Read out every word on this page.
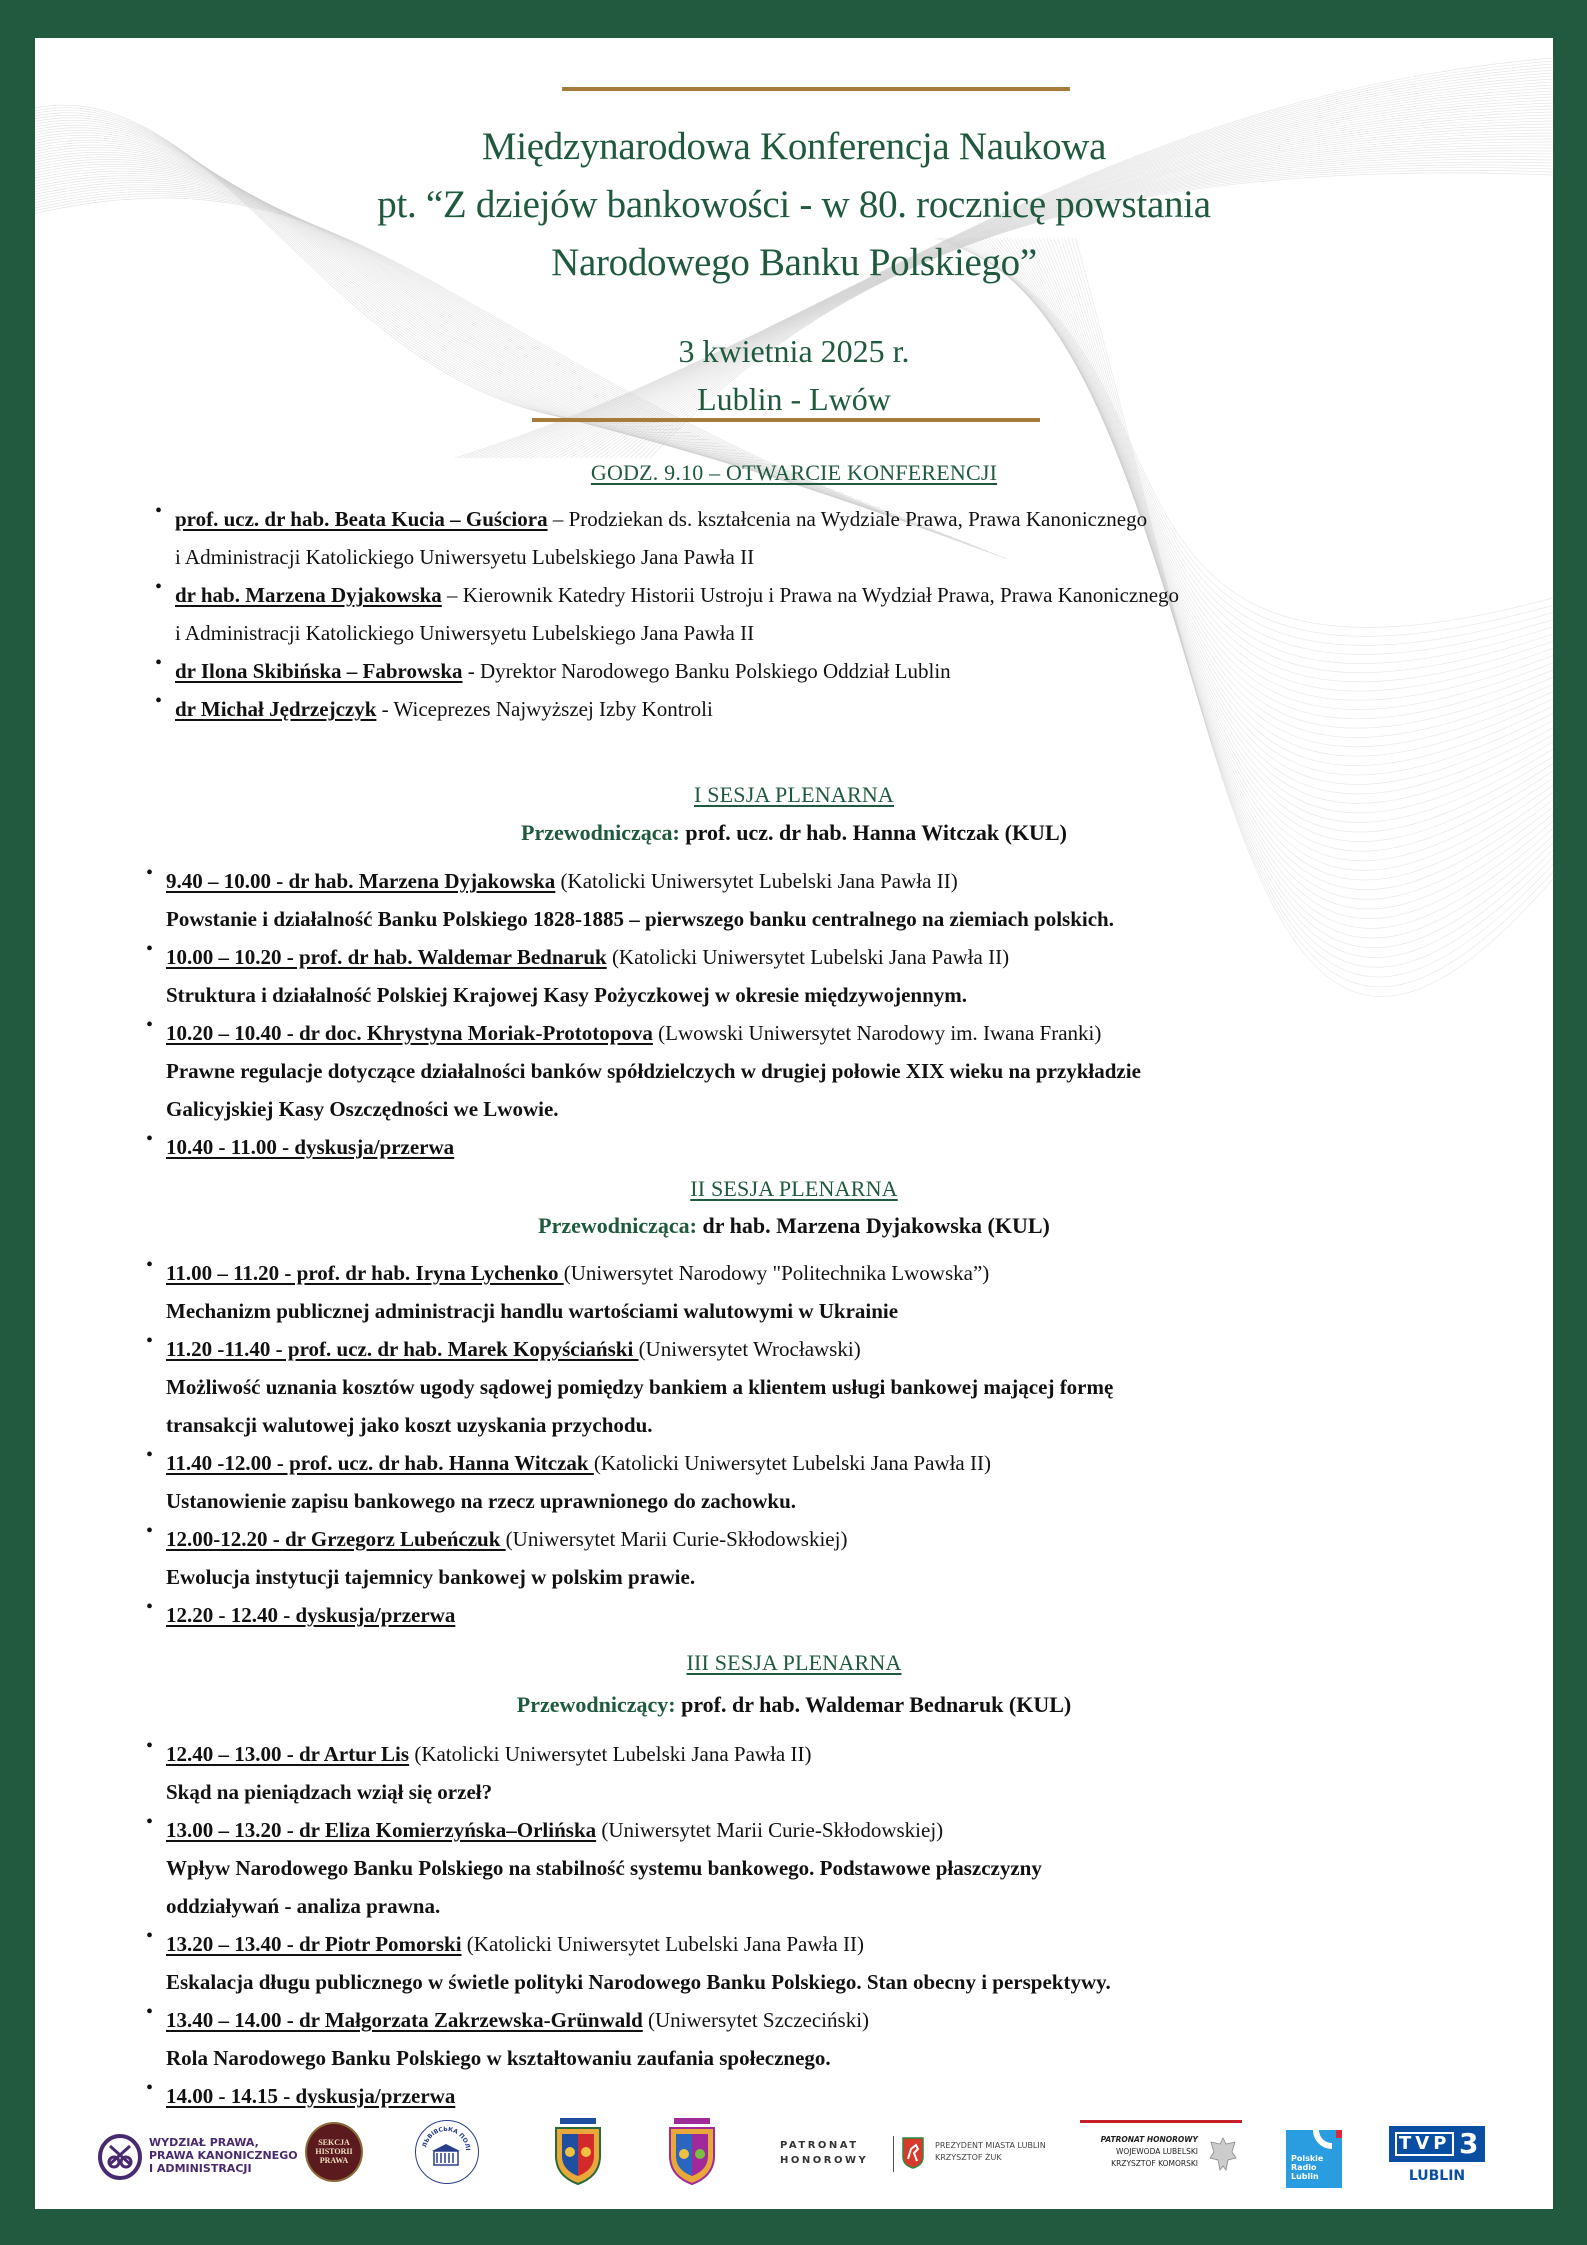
Międzynarodowa Konferencja Naukowa
pt. “Z dziejów bankowości - w 80. rocznicę powstania
Narodowego Banku Polskiego”
3 kwietnia 2025 r.
Lublin - Lwów
GODZ. 9.10 – OTWARCIE KONFERENCJI
• prof. ucz. dr hab. Beata Kucia – Guściora – Prodziekan ds. kształcenia na Wydziale Prawa, Prawa Kanonicznego
i Administracji Katolickiego Uniwersyetu Lubelskiego Jana Pawła II
• dr hab. Marzena Dyjakowska – Kierownik Katedry Historii Ustroju i Prawa na Wydział Prawa, Prawa Kanonicznego
i Administracji Katolickiego Uniwersyetu Lubelskiego Jana Pawła II
• dr Ilona Skibińska – Fabrowska - Dyrektor Narodowego Banku Polskiego Oddział Lublin
• dr Michał Jędrzejczyk - Wiceprezes Najwyższej Izby Kontroli
I SESJA PLENARNA
Przewodnicząca: prof. ucz. dr hab. Hanna Witczak (KUL)
• 9.40 – 10.00 - dr hab. Marzena Dyjakowska (Katolicki Uniwersytet Lubelski Jana Pawła II)
Powstanie i działalność Banku Polskiego 1828-1885 – pierwszego banku centralnego na ziemiach polskich.
• 10.00 – 10.20 - prof. dr hab. Waldemar Bednaruk (Katolicki Uniwersytet Lubelski Jana Pawła II)
Struktura i działalność Polskiej Krajowej Kasy Pożyczkowej w okresie międzywojennym.
• 10.20 – 10.40 - dr doc. Khrystyna Moriak-Prototopova (Lwowski Uniwersytet Narodowy im. Iwana Franki)
Prawne regulacje dotyczące działalności banków spółdzielczych w drugiej połowie XIX wieku na przykładzie
Galicyjskiej Kasy Oszczędności we Lwowie.
• 10.40 - 11.00 - dyskusja/przerwa
II SESJA PLENARNA
Przewodnicząca: dr hab. Marzena Dyjakowska (KUL)
• 11.00 – 11.20 - prof. dr hab. Iryna Lychenko (Uniwersytet Narodowy "Politechnika Lwowska”)
Mechanizm publicznej administracji handlu wartościami walutowymi w Ukrainie
• 11.20 -11.40 - prof. ucz. dr hab. Marek Kopyściański (Uniwersytet Wrocławski)
Możliwość uznania kosztów ugody sądowej pomiędzy bankiem a klientem usługi bankowej mającej formę
transakcji walutowej jako koszt uzyskania przychodu.
• 11.40 -12.00 - prof. ucz. dr hab. Hanna Witczak (Katolicki Uniwersytet Lubelski Jana Pawła II)
Ustanowienie zapisu bankowego na rzecz uprawnionego do zachowku.
• 12.00-12.20 - dr Grzegorz Lubeńczuk (Uniwersytet Marii Curie-Skłodowskiej)
Ewolucja instytucji tajemnicy bankowej w polskim prawie.
• 12.20 - 12.40 - dyskusja/przerwa
III SESJA PLENARNA
Przewodniczący: prof. dr hab. Waldemar Bednaruk (KUL)
• 12.40 – 13.00 - dr Artur Lis (Katolicki Uniwersytet Lubelski Jana Pawła II)
Skąd na pieniądzach wziął się orzeł?
• 13.00 – 13.20 - dr Eliza Komierzyńska–Orlińska (Uniwersytet Marii Curie-Skłodowskiej)
Wpływ Narodowego Banku Polskiego na stabilność systemu bankowego. Podstawowe płaszczyzny
oddziaływań - analiza prawna.
• 13.20 – 13.40 - dr Piotr Pomorski (Katolicki Uniwersytet Lubelski Jana Pawła II)
Eskalacja długu publicznego w świetle polityki Narodowego Banku Polskiego. Stan obecny i perspektywy.
• 13.40 – 14.00 - dr Małgorzata Zakrzewska-Grünwald (Uniwersytet Szczeciński)
Rola Narodowego Banku Polskiego w kształtowaniu zaufania społecznego.
• 14.00 - 14.15 - dyskusja/przerwa
WYDZIAŁ PRAWA,
PRAWA KANONICZNEGO
I ADMINISTRACJI
SEKCJA
HISTORII
PRAWA
ЛЬВІВСЬКА ПОЛІ	PATRONAT
HONOROWY
PREZYDENT MIASTA LUBLIN
KRZYSZTOF ŻUK
PATRONAT HONOROWY
WOJEWODA LUBELSKI
KRZYSZTOF KOMORSKI
Polskie
Radio
Lublin
TVP 3
LUBLIN
